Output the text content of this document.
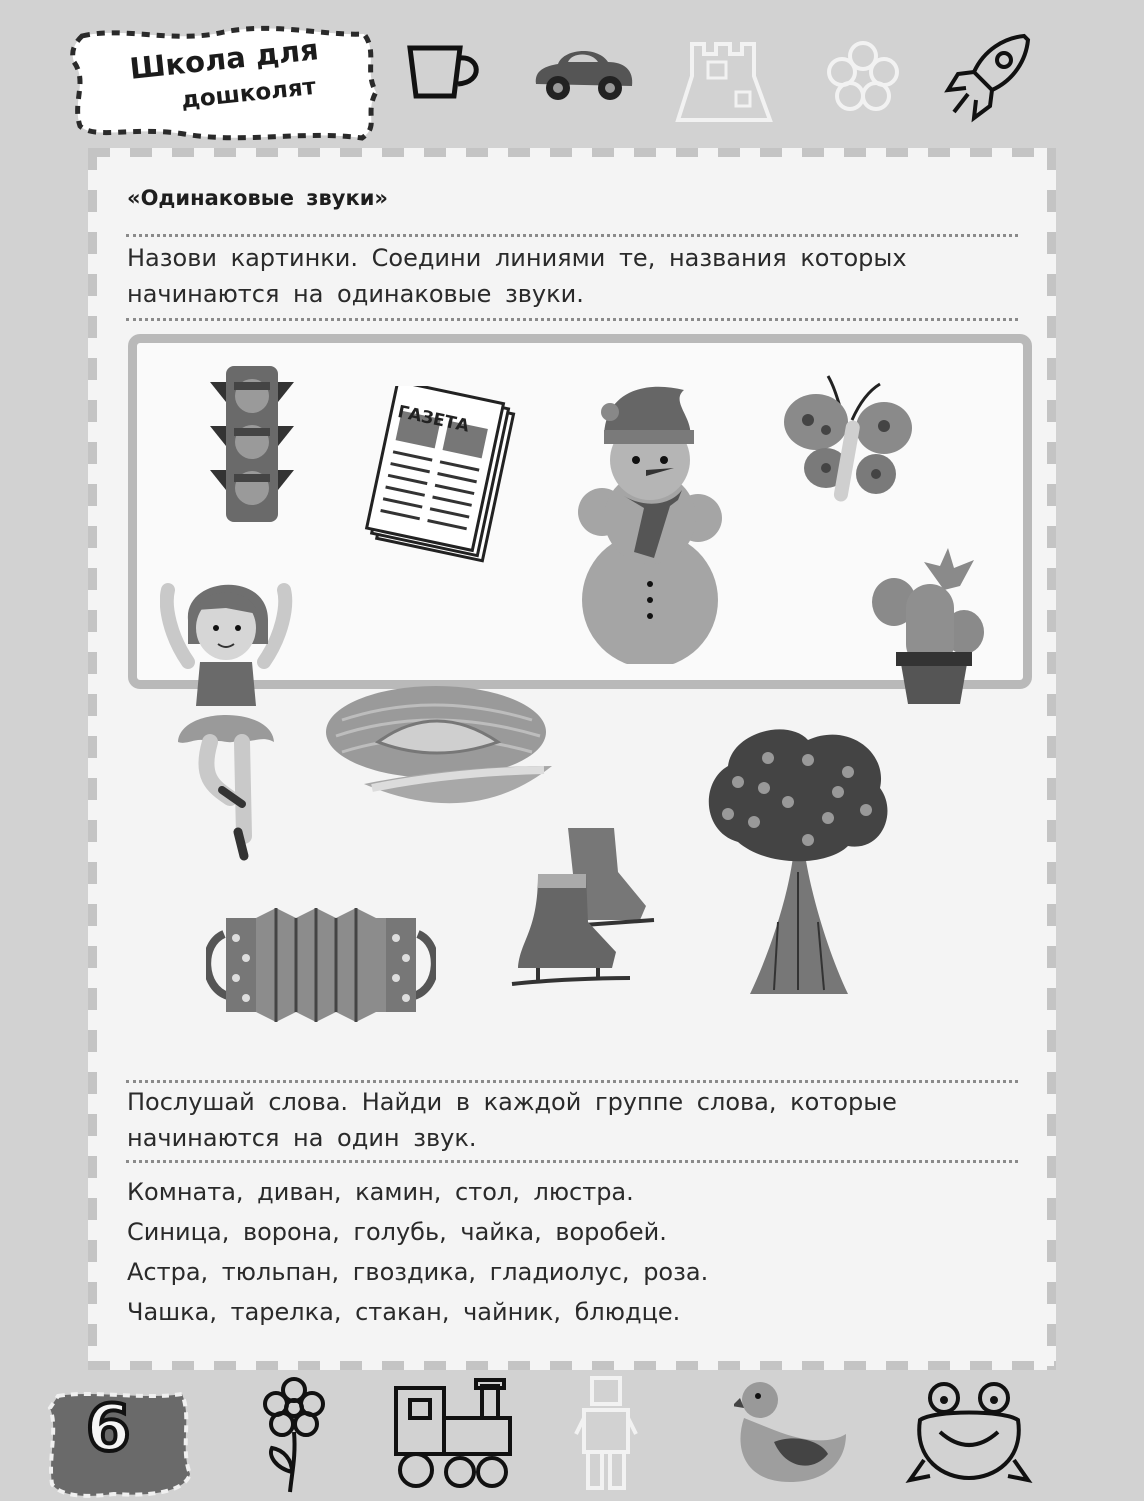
Школа для
дошколят
«Одинаковые звуки»
Назови картинки. Соедини линиями те, названия которых
начинаются на одинаковые звуки.
ГАЗЕТА
Послушай слова. Найди в каждой группе слова, которые
начинаются на один звук.
Комната, диван, камин, стол, люстра.
Синица, ворона, голубь, чайка, воробей.
Астра, тюльпан, гвоздика, гладиолус, роза.
Чашка, тарелка, стакан, чайник, блюдце.
6
